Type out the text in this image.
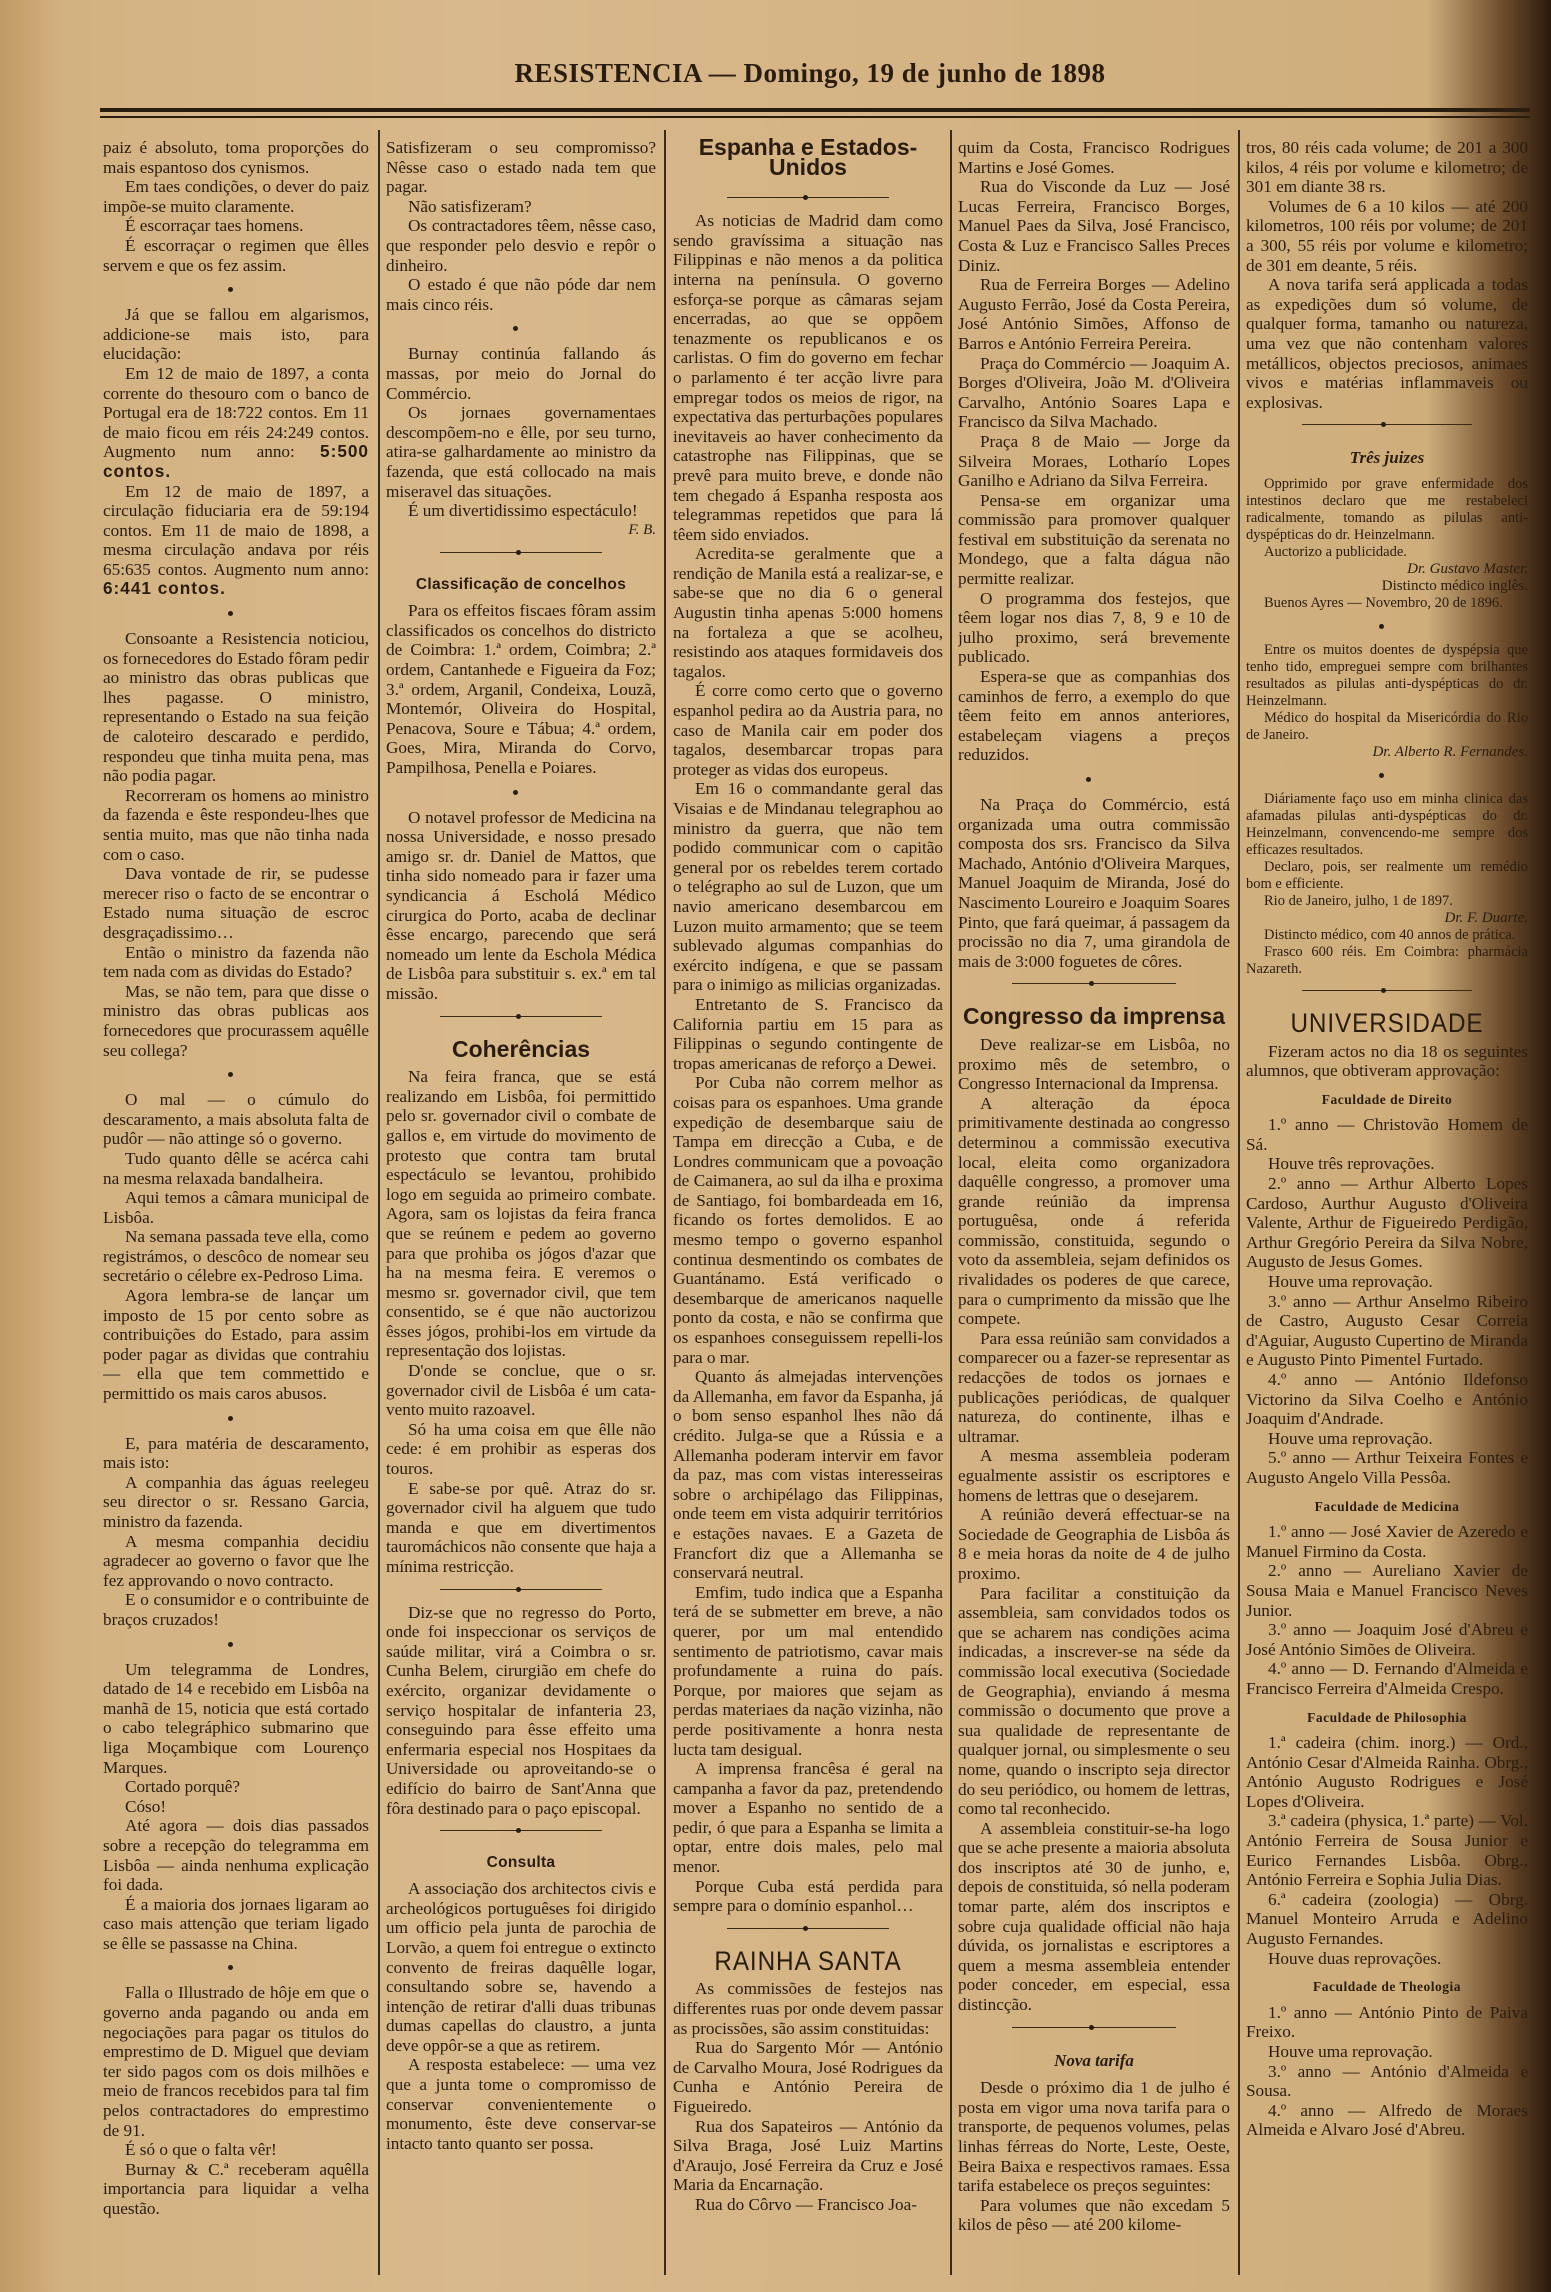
RESISTENCIA — Domingo, 19 de junho de 1898

paiz é absoluto, toma proporções do mais espantoso dos cynismos.

Em taes condições, o dever do paiz impõe-se muito claramente.

É escorraçar taes homens.

É escorraçar o regimen que êlles servem e que os fez assim.

Já que se fallou em algarismos, addicione-se mais isto, para elucidação:

Em 12 de maio de 1897, a conta corrente do thesouro com o banco de Portugal era de 18:722 contos. Em 11 de maio ficou em réis 24:249 contos. Augmento num anno: 5:500 contos.

Em 12 de maio de 1897, a circulação fiduciaria era de 59:194 contos. Em 11 de maio de 1898, a mesma circulação andava por réis 65:635 contos. Augmento num anno: 6:441 contos.

Consoante a Resistencia noticiou, os fornecedores do Estado fôram pedir ao ministro das obras publicas que lhes pagasse. O ministro, representando o Estado na sua feição de caloteiro descarado e perdido, respondeu que tinha muita pena, mas não podia pagar.

Recorreram os homens ao ministro da fazenda e êste respondeu-lhes que sentia muito, mas que não tinha nada com o caso.

Dava vontade de rir, se pudesse merecer riso o facto de se encontrar o Estado numa situação de escroc desgraçadissimo…

Então o ministro da fazenda não tem nada com as dividas do Estado?

Mas, se não tem, para que disse o ministro das obras publicas aos fornecedores que procurassem aquêlle seu collega?

O mal — o cúmulo do descaramento, a mais absoluta falta de pudôr — não attinge só o governo.

Tudo quanto dêlle se acérca cahi na mesma relaxada bandalheira.

Aqui temos a câmara municipal de Lisbôa.

Na semana passada teve ella, como registrámos, o descôco de nomear seu secretário o célebre ex-Pedroso Lima.

Agora lembra-se de lançar um imposto de 15 por cento sobre as contribuições do Estado, para assim poder pagar as dividas que contrahiu — ella que tem commettido e permittido os mais caros abusos.

E, para matéria de descaramento, mais isto:

A companhia das águas reelegeu seu director o sr. Ressano Garcia, ministro da fazenda.

A mesma companhia decidiu agradecer ao governo o favor que lhe fez approvando o novo contracto.

E o consumidor e o contribuinte de braços cruzados!

Um telegramma de Londres, datado de 14 e recebido em Lisbôa na manhã de 15, noticia que está cortado o cabo telegráphico submarino que liga Moçambique com Lourenço Marques.

Cortado porquê?

Cóso!

Até agora — dois dias passados sobre a recepção do telegramma em Lisbôa — ainda nenhuma explicação foi dada.

É a maioria dos jornaes ligaram ao caso mais attenção que teriam ligado se êlle se passasse na China.

Falla o Illustrado de hôje em que o governo anda pagando ou anda em negociações para pagar os titulos do emprestimo de D. Miguel que deviam ter sido pagos com os dois milhões e meio de francos recebidos para tal fim pelos contractadores do emprestimo de 91.

É só o que o falta vêr!

Burnay & C.ª receberam aquêlla importancia para liquidar a velha questão.

Satisfizeram o seu compromisso? Nêsse caso o estado nada tem que pagar.

Não satisfizeram?

Os contractadores têem, nêsse caso, que responder pelo desvio e repôr o dinheiro.

O estado é que não póde dar nem mais cinco réis.

Burnay continúa fallando ás massas, por meio do Jornal do Commércio.

Os jornaes governamentaes descompõem-no e êlle, por seu turno, atira-se galhardamente ao ministro da fazenda, que está collocado na mais miseravel das situações.

É um divertidissimo espectáculo!

F. B.

Classificação de concelhos

Para os effeitos fiscaes fôram assim classificados os concelhos do districto de Coimbra: 1.ª ordem, Coimbra; 2.ª ordem, Cantanhede e Figueira da Foz; 3.ª ordem, Arganil, Condeixa, Louzã, Montemór, Oliveira do Hospital, Penacova, Soure e Tábua; 4.ª ordem, Goes, Mira, Miranda do Corvo, Pampilhosa, Penella e Poiares.

O notavel professor de Medicina na nossa Universidade, e nosso presado amigo sr. dr. Daniel de Mattos, que tinha sido nomeado para ir fazer uma syndicancia á Escholá Médico cirurgica do Porto, acaba de declinar êsse encargo, parecendo que será nomeado um lente da Eschola Médica de Lisbôa para substituir s. ex.ª em tal missão.

Coherências

Na feira franca, que se está realizando em Lisbôa, foi permittido pelo sr. governador civil o combate de gallos e, em virtude do movimento de protesto que contra tam brutal espectáculo se levantou, prohibido logo em seguida ao primeiro combate. Agora, sam os lojistas da feira franca que se reúnem e pedem ao governo para que prohiba os jógos d'azar que ha na mesma feira. E veremos o mesmo sr. governador civil, que tem consentido, se é que não auctorizou êsses jógos, prohibi-los em virtude da representação dos lojistas.

D'onde se conclue, que o sr. governador civil de Lisbôa é um cata-vento muito razoavel.

Só ha uma coisa em que êlle não cede: é em prohibir as esperas dos touros.

E sabe-se por quê. Atraz do sr. governador civil ha alguem que tudo manda e que em divertimentos tauromáchicos não consente que haja a mínima restricção.

Diz-se que no regresso do Porto, onde foi inspeccionar os serviços de saúde militar, virá a Coimbra o sr. Cunha Belem, cirurgião em chefe do exército, organizar devidamente o serviço hospitalar de infanteria 23, conseguindo para êsse effeito uma enfermaria especial nos Hospitaes da Universidade ou aproveitando-se o edifício do bairro de Sant'Anna que fôra destinado para o paço episcopal.

Consulta

A associação dos architectos civis e archeológicos portuguêses foi dirigido um officio pela junta de parochia de Lorvão, a quem foi entregue o extincto convento de freiras daquêlle logar, consultando sobre se, havendo a intenção de retirar d'alli duas tribunas dumas capellas do claustro, a junta deve oppôr-se a que as retirem.

A resposta estabelece: — uma vez que a junta tome o compromisso de conservar convenientemente o monumento, êste deve conservar-se intacto tanto quanto ser possa.

Espanha e Estados-Unidos

As noticias de Madrid dam como sendo gravíssima a situação nas Filippinas e não menos a da politica interna na península. O governo esforça-se porque as câmaras sejam encerradas, ao que se oppõem tenazmente os republicanos e os carlistas. O fim do governo em fechar o parlamento é ter acção livre para empregar todos os meios de rigor, na expectativa das perturbações populares inevitaveis ao haver conhecimento da catastrophe nas Filippinas, que se prevê para muito breve, e donde não tem chegado á Espanha resposta aos telegrammas repetidos que para lá têem sido enviados.

Acredita-se geralmente que a rendição de Manila está a realizar-se, e sabe-se que no dia 6 o general Augustin tinha apenas 5:000 homens na fortaleza a que se acolheu, resistindo aos ataques formidaveis dos tagalos.

É corre como certo que o governo espanhol pedira ao da Austria para, no caso de Manila cair em poder dos tagalos, desembarcar tropas para proteger as vidas dos europeus.

Em 16 o commandante geral das Visaias e de Mindanau telegraphou ao ministro da guerra, que não tem podido communicar com o capitão general por os rebeldes terem cortado o telégrapho ao sul de Luzon, que um navio americano desembarcou em Luzon muito armamento; que se teem sublevado algumas companhias do exército indígena, e que se passam para o inimigo as milicias organizadas.

Entretanto de S. Francisco da California partiu em 15 para as Filippinas o segundo contingente de tropas americanas de reforço a Dewei.

Por Cuba não correm melhor as coisas para os espanhoes. Uma grande expedição de desembarque saiu de Tampa em direcção a Cuba, e de Londres communicam que a povoação de Caimanera, ao sul da ilha e proxima de Santiago, foi bombardeada em 16, ficando os fortes demolidos. E ao mesmo tempo o governo espanhol continua desmentindo os combates de Guantánamo. Está verificado o desembarque de americanos naquelle ponto da costa, e não se confirma que os espanhoes conseguissem repelli-los para o mar.

Quanto ás almejadas intervenções da Allemanha, em favor da Espanha, já o bom senso espanhol lhes não dá crédito. Julga-se que a Rússia e a Allemanha poderam intervir em favor da paz, mas com vistas interesseiras sobre o archipélago das Filippinas, onde teem em vista adquirir territórios e estações navaes. E a Gazeta de Francfort diz que a Allemanha se conservará neutral.

Emfim, tudo indica que a Espanha terá de se submetter em breve, a não querer, por um mal entendido sentimento de patriotismo, cavar mais profundamente a ruina do país. Porque, por maiores que sejam as perdas materiaes da nação vizinha, não perde positivamente a honra nesta lucta tam desigual.

A imprensa francêsa é geral na campanha a favor da paz, pretendendo mover a Espanho no sentido de a pedir, ó que para a Espanha se limita a optar, entre dois males, pelo mal menor.

Porque Cuba está perdida para sempre para o domínio espanhol…

RAINHA SANTA

As commissões de festejos nas differentes ruas por onde devem passar as procissões, são assim constituidas:

Rua do Sargento Mór — António de Carvalho Moura, José Rodrigues da Cunha e António Pereira de Figueiredo.

Rua dos Sapateiros — António da Silva Braga, José Luiz Martins d'Araujo, José Ferreira da Cruz e José Maria da Encarnação.

Rua do Côrvo — Francisco Joa-

quim da Costa, Francisco Rodrigues Martins e José Gomes.

Rua do Visconde da Luz — José Lucas Ferreira, Francisco Borges, Manuel Paes da Silva, José Francisco, Costa & Luz e Francisco Salles Preces Diniz.

Rua de Ferreira Borges — Adelino Augusto Ferrão, José da Costa Pereira, José António Simões, Affonso de Barros e António Ferreira Pereira.

Praça do Commércio — Joaquim A. Borges d'Oliveira, João M. d'Oliveira Carvalho, António Soares Lapa e Francisco da Silva Machado.

Praça 8 de Maio — Jorge da Silveira Moraes, Lotharío Lopes Ganilho e Adriano da Silva Ferreira.

Pensa-se em organizar uma commissão para promover qualquer festival em substituição da serenata no Mondego, que a falta dágua não permitte realizar.

O programma dos festejos, que têem logar nos dias 7, 8, 9 e 10 de julho proximo, será brevemente publicado.

Espera-se que as companhias dos caminhos de ferro, a exemplo do que têem feito em annos anteriores, estabeleçam viagens a preços reduzidos.

Na Praça do Commércio, está organizada uma outra commissão composta dos srs. Francisco da Silva Machado, António d'Oliveira Marques, Manuel Joaquim de Miranda, José do Nascimento Loureiro e Joaquim Soares Pinto, que fará queimar, á passagem da procissão no dia 7, uma girandola de mais de 3:000 foguetes de côres.

Congresso da imprensa

Deve realizar-se em Lisbôa, no proximo mês de setembro, o Congresso Internacional da Imprensa.

A alteração da época primitivamente destinada ao congresso determinou a commissão executiva local, eleita como organizadora daquêlle congresso, a promover uma grande reúnião da imprensa portuguêsa, onde á referida commissão, constituida, segundo o voto da assembleia, sejam definidos os rivalidades os poderes de que carece, para o cumprimento da missão que lhe compete.

Para essa reúnião sam convidados a comparecer ou a fazer-se representar as redacções de todos os jornaes e publicações periódicas, de qualquer natureza, do continente, ilhas e ultramar.

A mesma assembleia poderam egualmente assistir os escriptores e homens de lettras que o desejarem.

A reúnião deverá effectuar-se na Sociedade de Geographia de Lisbôa ás 8 e meia horas da noite de 4 de julho proximo.

Para facilitar a constituição da assembleia, sam convidados todos os que se acharem nas condições acima indicadas, a inscrever-se na séde da commissão local executiva (Sociedade de Geographia), enviando á mesma commissão o documento que prove a sua qualidade de representante de qualquer jornal, ou simplesmente o seu nome, quando o inscripto seja director do seu periódico, ou homem de lettras, como tal reconhecido.

A assembleia constituir-se-ha logo que se ache presente a maioria absoluta dos inscriptos até 30 de junho, e, depois de constituida, só nella poderam tomar parte, além dos inscriptos e sobre cuja qualidade official não haja dúvida, os jornalistas e escriptores a quem a mesma assembleia entender poder conceder, em especial, essa distincção.

Nova tarifa

Desde o próximo dia 1 de julho é posta em vigor uma nova tarifa para o transporte, de pequenos volumes, pelas linhas férreas do Norte, Leste, Oeste, Beira Baixa e respectivos ramaes. Essa tarifa estabelece os preços seguintes:

Para volumes que não excedam 5 kilos de pêso — até 200 kilome-

tros, 80 réis cada volume; de 201 a 300 kilos, 4 réis por volume e kilometro; de 301 em diante 38 rs.

Volumes de 6 a 10 kilos — até 200 kilometros, 100 réis por volume; de 201 a 300, 55 réis por volume e kilometro; de 301 em deante, 5 réis.

A nova tarifa será applicada a todas as expedições dum só volume, de qualquer forma, tamanho ou natureza, uma vez que não contenham valores metállicos, objectos preciosos, animaes vivos e matérias inflammaveis ou explosivas.

Três juizes

Opprimido por grave enfermidade dos intestinos declaro que me restabeleci radicalmente, tomando as pilulas anti-dyspépticas do dr. Heinzelmann.

Auctorizo a publicidade.

Dr. Gustavo Master.

Distincto médico inglês.

Buenos Ayres — Novembro, 20 de 1896.

Entre os muitos doentes de dyspépsia que tenho tido, empreguei sempre com brilhantes resultados as pilulas anti-dyspépticas do dr. Heinzelmann.

Médico do hospital da Misericórdia do Rio de Janeiro.

Dr. Alberto R. Fernandes.

Diáriamente faço uso em minha clinica das afamadas pilulas anti-dyspépticas do dr. Heinzelmann, convencendo-me sempre dos efficazes resultados.

Declaro, pois, ser realmente um remédio bom e efficiente.

Rio de Janeiro, julho, 1 de 1897.

Dr. F. Duarte.

Distincto médico, com 40 annos de prática.

Frasco 600 réis. Em Coimbra: pharmácia Nazareth.

UNIVERSIDADE

Fizeram actos no dia 18 os seguintes alumnos, que obtiveram approvação:

Faculdade de Direito

1.º anno — Christovão Homem de Sá.

Houve três reprovações.

2.º anno — Arthur Alberto Lopes Cardoso, Aurthur Augusto d'Oliveira Valente, Arthur de Figueiredo Perdigão, Arthur Gregório Pereira da Silva Nobre, Augusto de Jesus Gomes.

Houve uma reprovação.

3.º anno — Arthur Anselmo Ribeiro de Castro, Augusto Cesar Correia d'Aguiar, Augusto Cupertino de Miranda e Augusto Pinto Pimentel Furtado.

4.º anno — António Ildefonso Victorino da Silva Coelho e António Joaquim d'Andrade.

Houve uma reprovação.

5.º anno — Arthur Teixeira Fontes e Augusto Angelo Villa Pessôa.

Faculdade de Medicina

1.º anno — José Xavier de Azeredo e Manuel Firmino da Costa.

2.º anno — Aureliano Xavier de Sousa Maia e Manuel Francisco Neves Junior.

3.º anno — Joaquim José d'Abreu e José António Simões de Oliveira.

4.º anno — D. Fernando d'Almeida e Francisco Ferreira d'Almeida Crespo.

Faculdade de Philosophia

1.ª cadeira (chim. inorg.) — Ord., António Cesar d'Almeida Rainha. Obrg., António Augusto Rodrigues e José Lopes d'Oliveira.

3.ª cadeira (physica, 1.ª parte) — Vol. António Ferreira de Sousa Junior e Eurico Fernandes Lisbôa. Obrg., António Ferreira e Sophia Julia Dias.

6.ª cadeira (zoologia) — Obrg. Manuel Monteiro Arruda e Adelino Augusto Fernandes.

Houve duas reprovações.

Faculdade de Theologia

1.º anno — António Pinto de Paiva Freixo.

Houve uma reprovação.

3.º anno — António d'Almeida e Sousa.

4.º anno — Alfredo de Moraes Almeida e Alvaro José d'Abreu.
